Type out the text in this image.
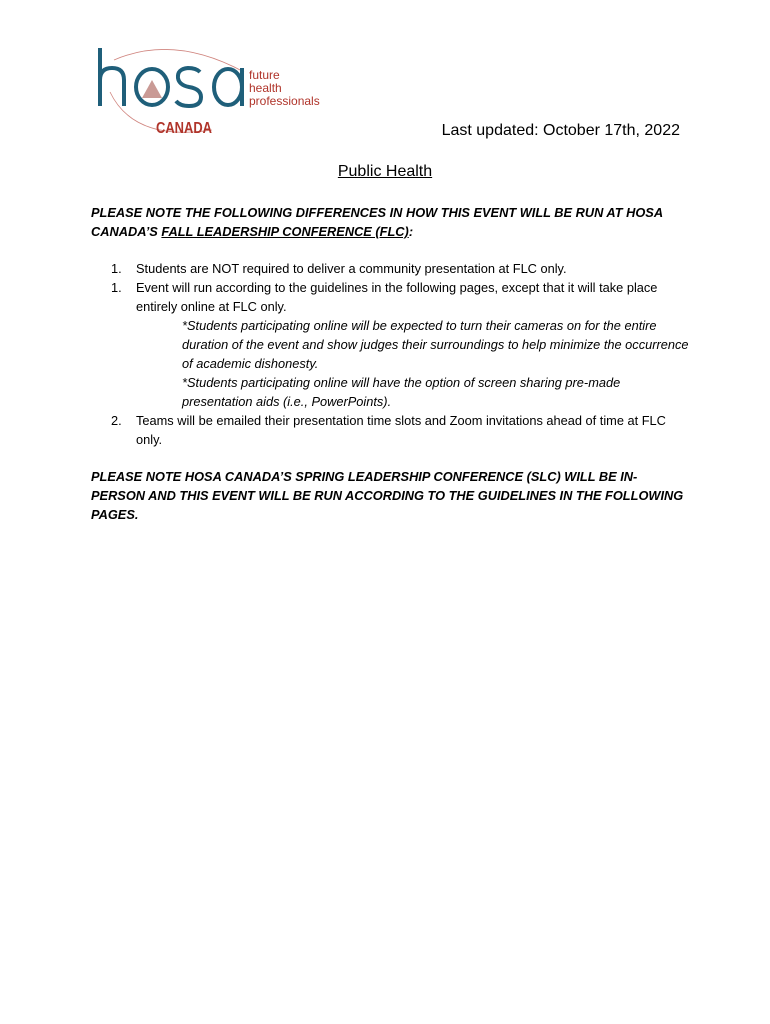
future
health
professionals
CANADA	Last updated: October 17th, 2022
Public Health
PLEASE NOTE THE FOLLOWING DIFFERENCES IN HOW THIS EVENT WILL BE RUN AT HOSA CANADA’S FALL LEADERSHIP CONFERENCE (FLC):
1. Students are NOT required to deliver a community presentation at FLC only.
1. Event will run according to the guidelines in the following pages, except that it will take place entirely online at FLC only.
*Students participating online will be expected to turn their cameras on for the entire duration of the event and show judges their surroundings to help minimize the occurrence of academic dishonesty.
*Students participating online will have the option of screen sharing pre-made presentation aids (i.e., PowerPoints).
2. Teams will be emailed their presentation time slots and Zoom invitations ahead of time at FLC only.
PLEASE NOTE HOSA CANADA’S SPRING LEADERSHIP CONFERENCE (SLC) WILL BE IN-PERSON AND THIS EVENT WILL BE RUN ACCORDING TO THE GUIDELINES IN THE FOLLOWING PAGES.
